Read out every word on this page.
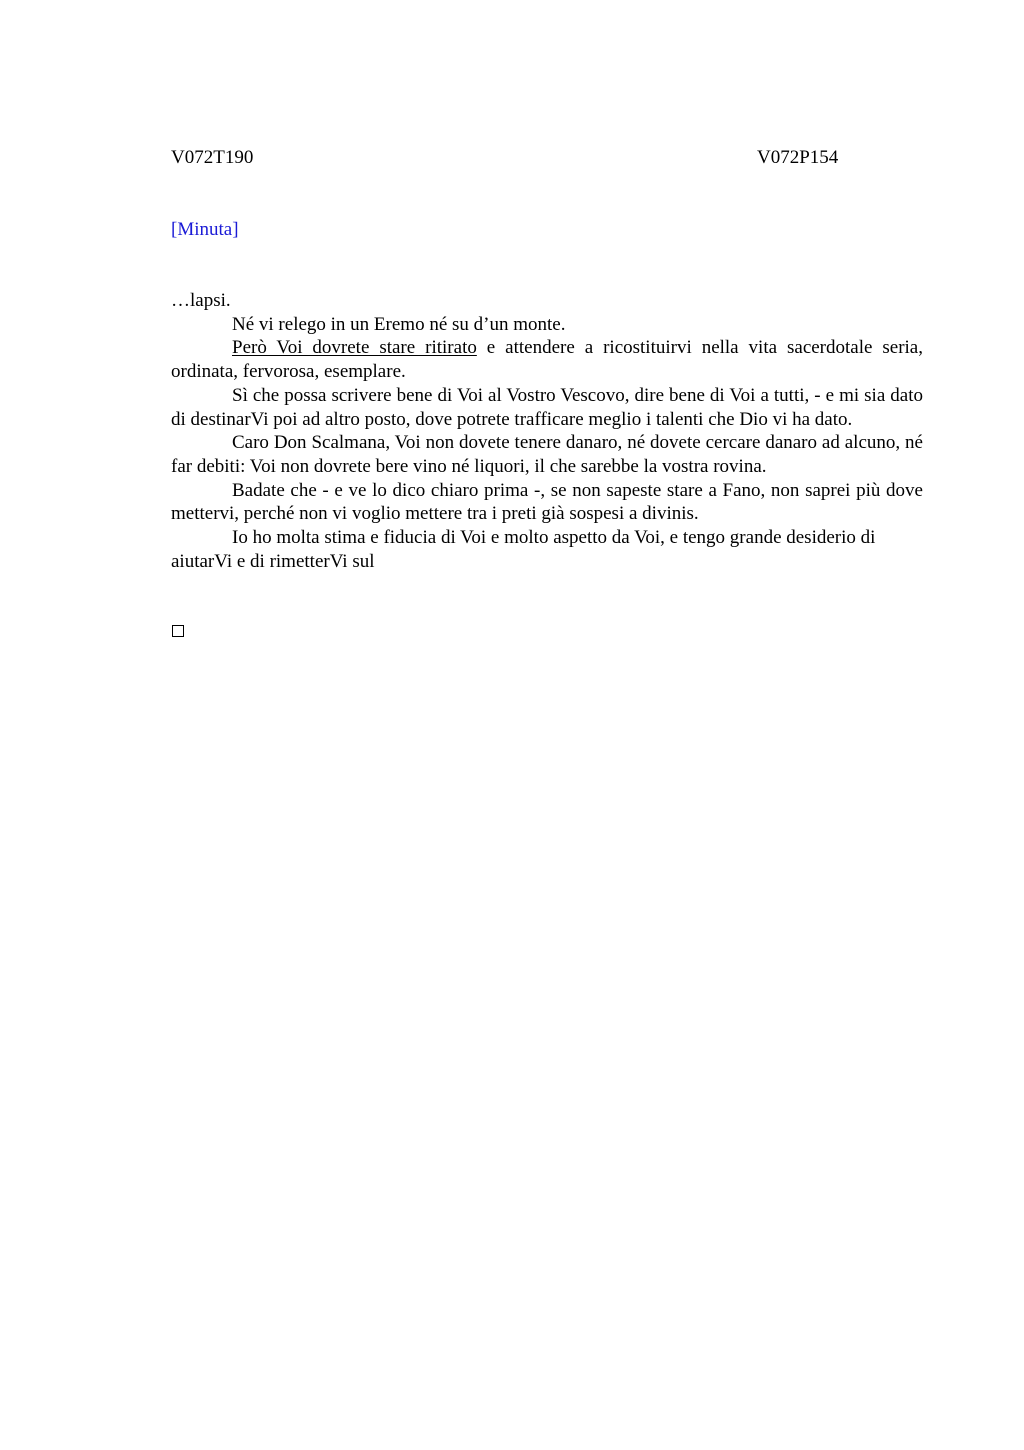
V072T190	V072P154
[Minuta]

…lapsi.

Né vi relego in un Eremo né su d’un monte.

Però Voi dovrete stare ritirato e attendere a ricostituirvi nella vita sacerdotale seria, ordinata, fervorosa, esemplare.

Sì che possa scrivere bene di Voi al Vostro Vescovo, dire bene di Voi a tutti, - e mi sia dato di destinarVi poi ad altro posto, dove potrete trafficare meglio i talenti che Dio vi ha dato.

Caro Don Scalmana, Voi non dovete tenere danaro, né dovete cercare danaro ad alcuno, né far debiti: Voi non dovrete bere vino né liquori, il che sarebbe la vostra rovina.

Badate che - e ve lo dico chiaro prima -, se non sapeste stare a Fano, non saprei più dove mettervi, perché non vi voglio mettere tra i preti già sospesi a divinis.

Io ho molta stima e fiducia di Voi e molto aspetto da Voi, e tengo grande desiderio di aiutarVi e di rimetterVi sul
